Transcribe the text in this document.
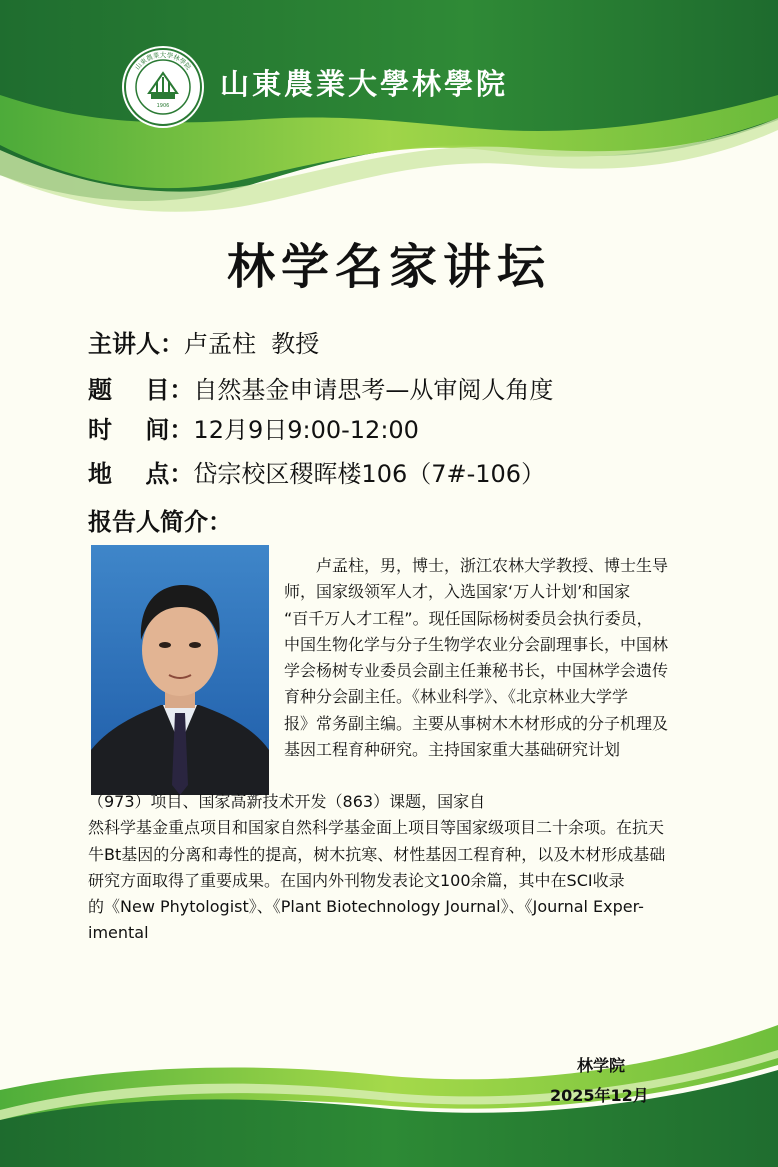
1906
山東農業大學林學院
山東農業大學林學院
林学名家讲坛
主讲人：卢孟柱  教授
题    目：自然基金申请思考—从审阅人角度
时    间：12月9日9:00-12:00
地    点：岱宗校区稷晖楼106（7#-106）
报告人简介：

　　卢孟柱，男，博士，浙江农林大学教授、博士生导

师，国家级领军人才，入选国家‘万人计划’和国家

“百千万人才工程”。现任国际杨树委员会执行委员，

中国生物化学与分子生物学农业分会副理事长，中国林

学会杨树专业委员会副主任兼秘书长，中国林学会遗传

育种分会副主任。《林业科学》、《北京林业大学学

报》常务副主编。主要从事树木木材形成的分子机理及

基因工程育种研究。主持国家重大基础研究计划

（973）项目、国家高新技术开发（863）课题，国家自

然科学基金重点项目和国家自然科学基金面上项目等国家级项目二十余项。在抗天

牛Bt基因的分离和毒性的提高，树木抗寒、材性基因工程育种，以及木材形成基础

研究方面取得了重要成果。在国内外刊物发表论文100余篇，其中在SCI收录

的《New Phytologist》、《Plant Biotechnology Journal》、《Journal Exper-

imental

林学院
2025年12月
